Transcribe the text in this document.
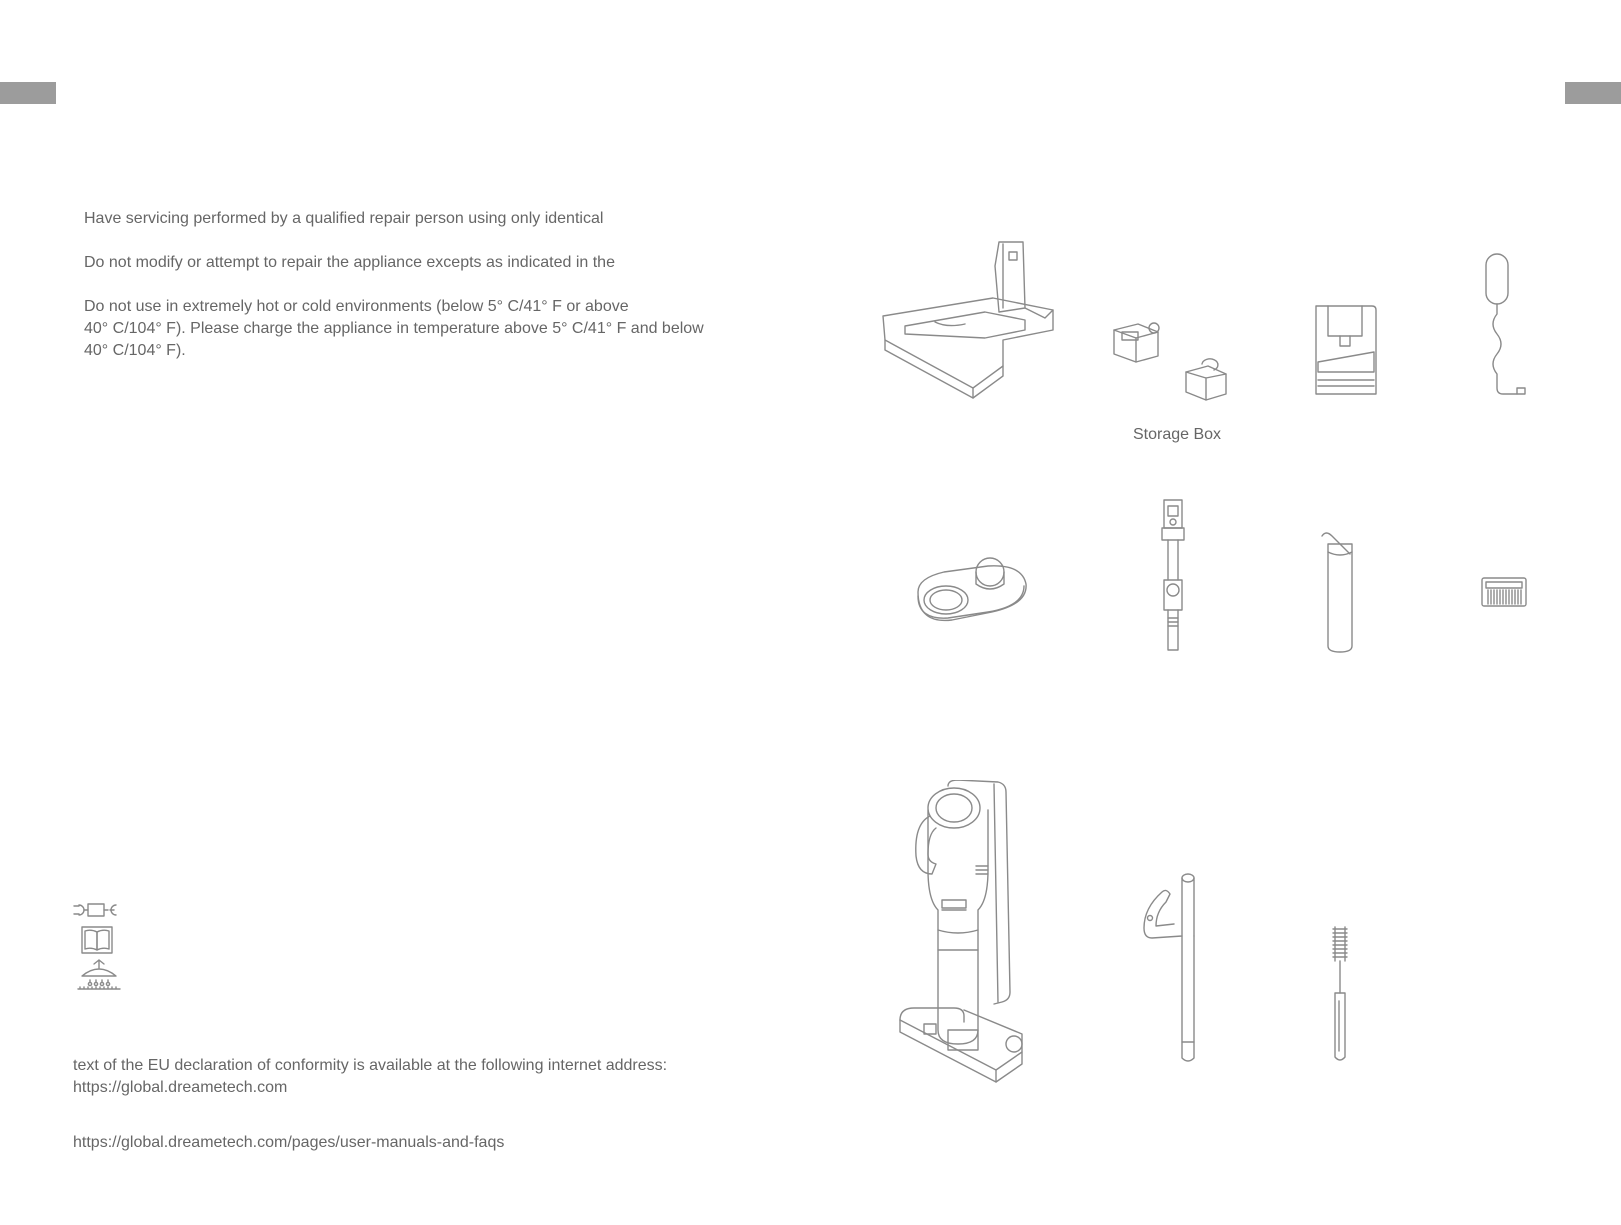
Have servicing performed by a qualified repair person using only identical

Do not modify or attempt to repair the appliance excepts as indicated in the

Do not use in extremely hot or cold environments (below 5° C/41° F or above
40° C/104° F). Please charge the appliance in temperature above 5° C/41° F and below
40° C/104° F).
text of the EU declaration of conformity is available at the following internet address:
https://global.dreametech.com

https://global.dreametech.com/pages/user-manuals-and-faqs

Storage Box
